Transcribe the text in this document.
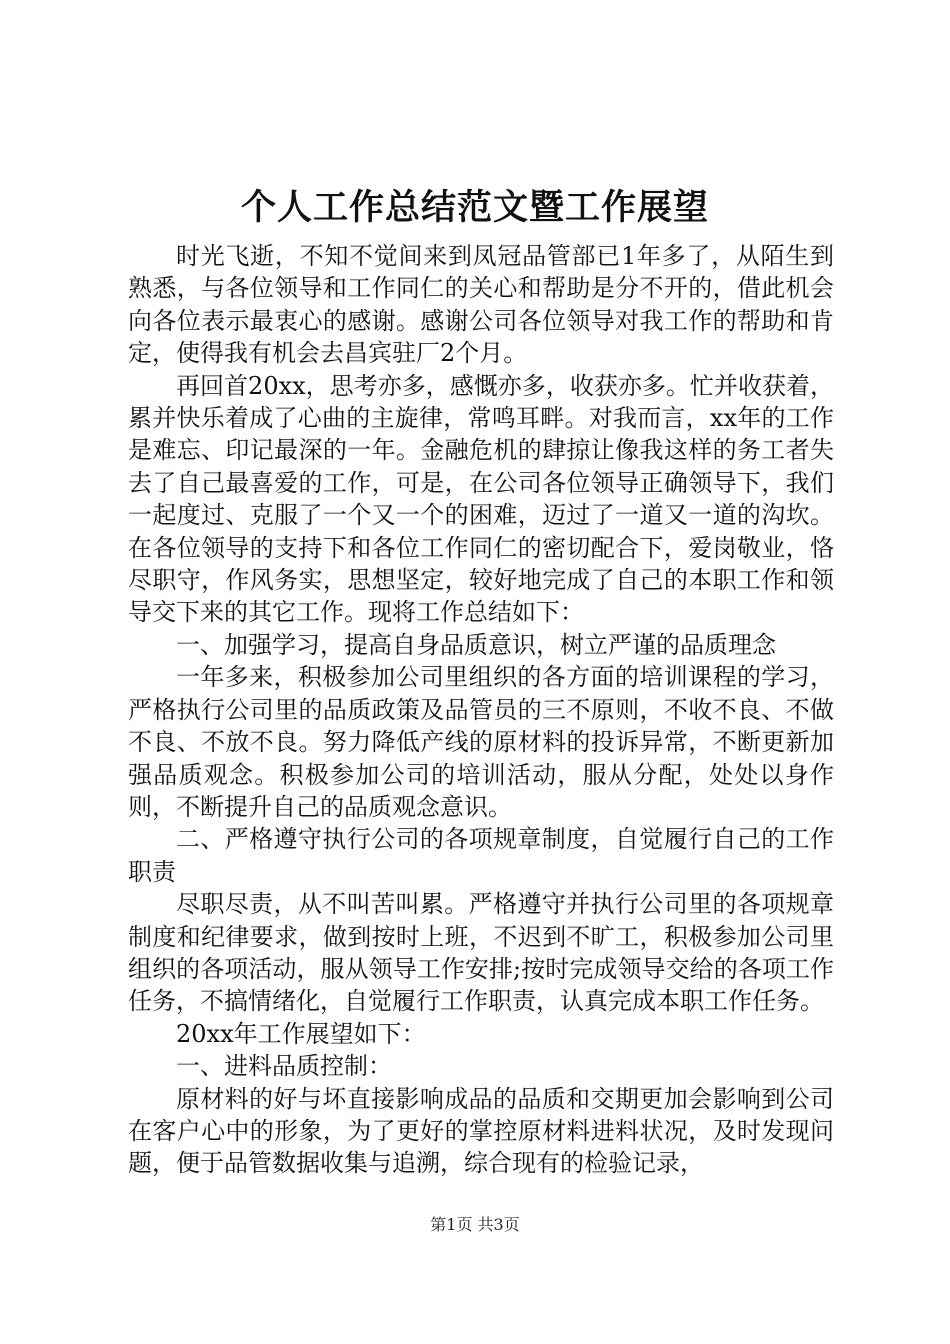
个人工作总结范文暨工作展望

时光飞逝，不知不觉间来到凤冠品管部已1年多了，从陌生到熟悉，与各位领导和工作同仁的关心和帮助是分不开的，借此机会向各位表示最衷心的感谢。感谢公司各位领导对我工作的帮助和肯定，使得我有机会去昌宾驻厂2个月。

再回首20xx，思考亦多，感慨亦多，收获亦多。忙并收获着，累并快乐着成了心曲的主旋律，常鸣耳畔。对我而言，xx年的工作是难忘、印记最深的一年。金融危机的肆掠让像我这样的务工者失去了自己最喜爱的工作，可是，在公司各位领导正确领导下，我们一起度过、克服了一个又一个的困难，迈过了一道又一道的沟坎。在各位领导的支持下和各位工作同仁的密切配合下，爱岗敬业，恪尽职守，作风务实，思想坚定，较好地完成了自己的本职工作和领导交下来的其它工作。现将工作总结如下：

一、加强学习，提高自身品质意识，树立严谨的品质理念

一年多来，积极参加公司里组织的各方面的培训课程的学习，严格执行公司里的品质政策及品管员的三不原则，不收不良、不做不良、不放不良。努力降低产线的原材料的投诉异常，不断更新加强品质观念。积极参加公司的培训活动，服从分配，处处以身作则，不断提升自己的品质观念意识。

二、严格遵守执行公司的各项规章制度，自觉履行自己的工作职责

尽职尽责，从不叫苦叫累。严格遵守并执行公司里的各项规章制度和纪律要求，做到按时上班，不迟到不旷工，积极参加公司里组织的各项活动，服从领导工作安排;按时完成领导交给的各项工作任务，不搞情绪化，自觉履行工作职责，认真完成本职工作任务。

20xx年工作展望如下：

一、进料品质控制：

原材料的好与坏直接影响成品的品质和交期更加会影响到公司在客户心中的形象，为了更好的掌控原材料进料状况，及时发现问题，便于品管数据收集与追溯，综合现有的检验记录，

第1页 共3页
